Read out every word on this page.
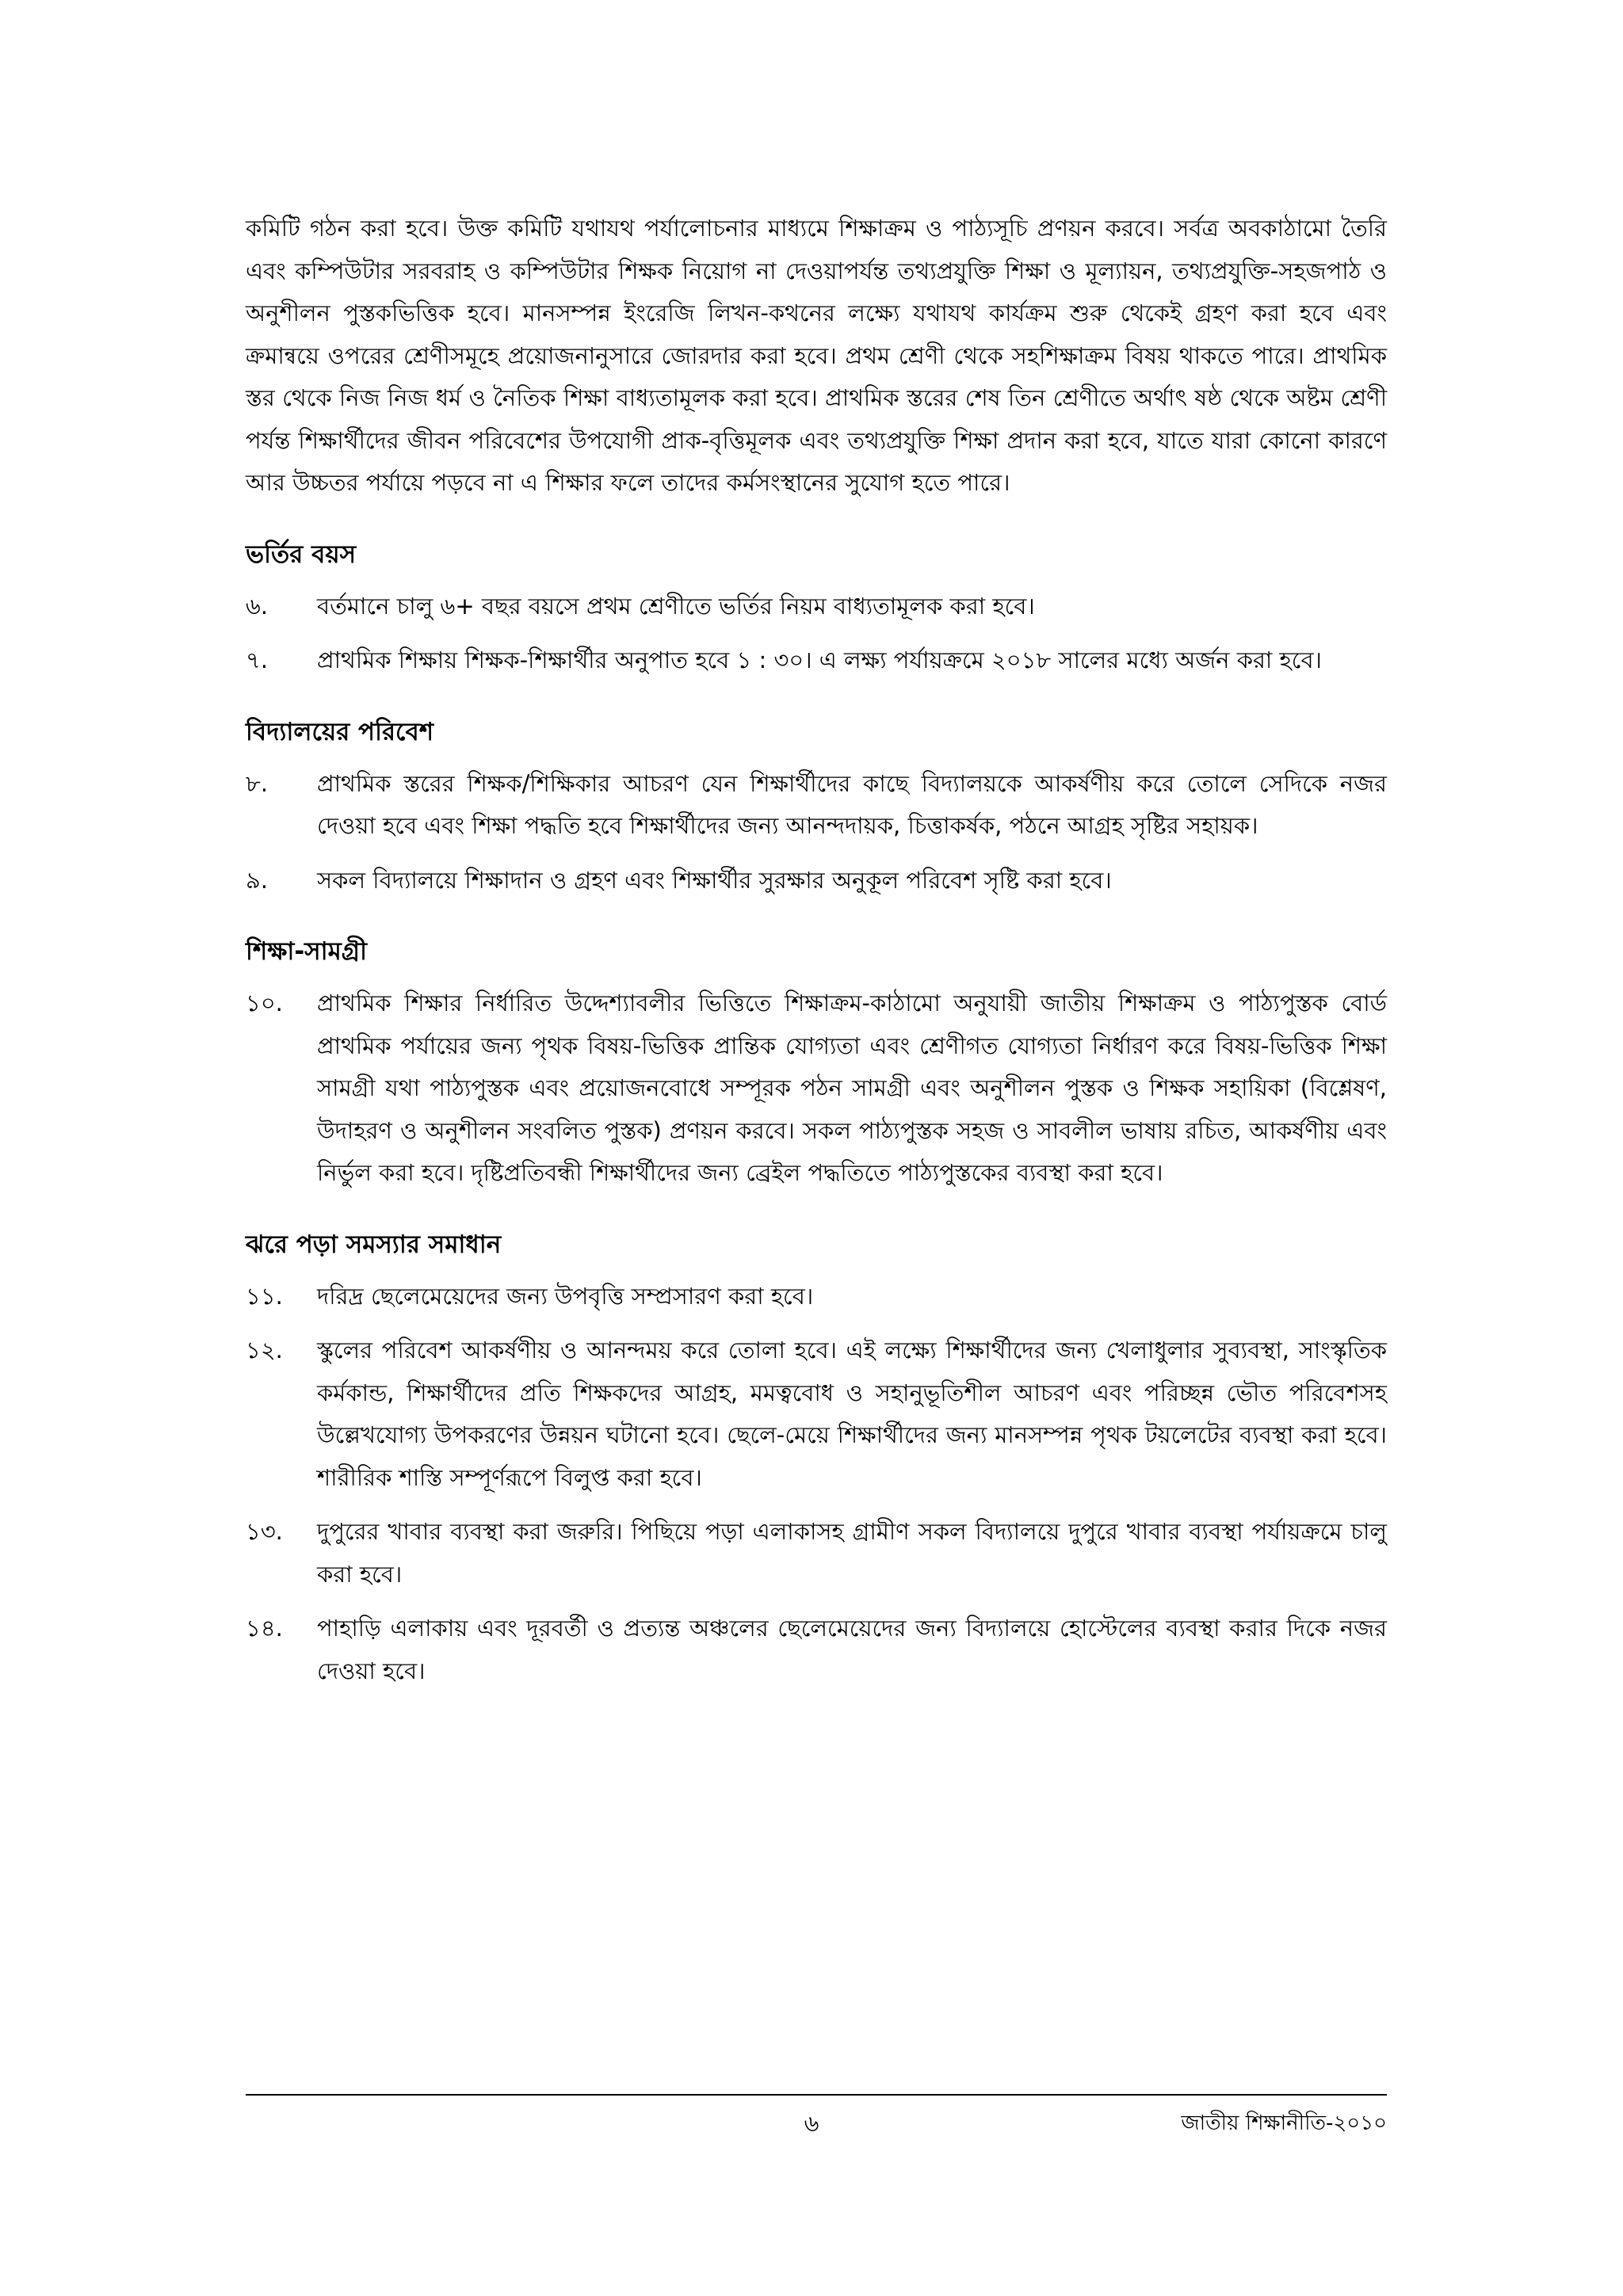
কমিটি গঠন করা হবে। উক্ত কমিটি যথাযথ পর্যালোচনার মাধ্যমে শিক্ষাক্রম ও পাঠ্যসূচি প্রণয়ন করবে। সর্বত্র অবকাঠামো তৈরি এবং কম্পিউটার সরবরাহ ও কম্পিউটার শিক্ষক নিয়োগ না দেওয়াপর্যন্ত তথ্যপ্রযুক্তি শিক্ষা ও মূল্যায়ন, তথ্যপ্রযুক্তি-সহজপাঠ ও অনুশীলন পুস্তকভিত্তিক হবে। মানসম্পন্ন ইংরেজি লিখন-কথনের লক্ষ্যে যথাযথ কার্যক্রম শুরু থেকেই গ্রহণ করা হবে এবং ক্রমান্বয়ে ওপরের শ্রেণীসমূহে প্রয়োজনানুসারে জোরদার করা হবে। প্রথম শ্রেণী থেকে সহশিক্ষাক্রম বিষয় থাকতে পারে। প্রাথমিক স্তর থেকে নিজ নিজ ধর্ম ও নৈতিক শিক্ষা বাধ্যতামূলক করা হবে। প্রাথমিক স্তরের শেষ তিন শ্রেণীতে অর্থাৎ ষষ্ঠ থেকে অষ্টম শ্রেণী পর্যন্ত শিক্ষার্থীদের জীবন পরিবেশের উপযোগী প্রাক-বৃত্তিমূলক এবং তথ্যপ্রযুক্তি শিক্ষা প্রদান করা হবে, যাতে যারা কোনো কারণে আর উচ্চতর পর্যায়ে পড়বে না এ শিক্ষার ফলে তাদের কর্মসংস্থানের সুযোগ হতে পারে।

ভর্তির বয়স
৬.	বর্তমানে চালু ৬+ বছর বয়সে প্রথম শ্রেণীতে ভর্তির নিয়ম বাধ্যতামূলক করা হবে।
৭.	প্রাথমিক শিক্ষায় শিক্ষক-শিক্ষার্থীর অনুপাত হবে ১ : ৩০। এ লক্ষ্য পর্যায়ক্রমে ২০১৮ সালের মধ্যে অর্জন করা হবে।
বিদ্যালয়ের পরিবেশ
৮.	প্রাথমিক স্তরের শিক্ষক/শিক্ষিকার আচরণ যেন শিক্ষার্থীদের কাছে বিদ্যালয়কে আকর্ষণীয় করে তোলে সেদিকে নজর দেওয়া হবে এবং শিক্ষা পদ্ধতি হবে শিক্ষার্থীদের জন্য আনন্দদায়ক, চিত্তাকর্ষক, পঠনে আগ্রহ সৃষ্টির সহায়ক।
৯.	সকল বিদ্যালয়ে শিক্ষাদান ও গ্রহণ এবং শিক্ষার্থীর সুরক্ষার অনুকূল পরিবেশ সৃষ্টি করা হবে।
শিক্ষা-সামগ্রী
১০.	প্রাথমিক শিক্ষার নির্ধারিত উদ্দেশ্যাবলীর ভিত্তিতে শিক্ষাক্রম-কাঠামো অনুযায়ী জাতীয় শিক্ষাক্রম ও পাঠ্যপুস্তক বোর্ড প্রাথমিক পর্যায়ের জন্য পৃথক বিষয়-ভিত্তিক প্রান্তিক যোগ্যতা এবং শ্রেণীগত যোগ্যতা নির্ধারণ করে বিষয়-ভিত্তিক শিক্ষা সামগ্রী যথা পাঠ্যপুস্তক এবং প্রয়োজনবোধে সম্পূরক পঠন সামগ্রী এবং অনুশীলন পুস্তক ও শিক্ষক সহায়িকা (বিশ্লেষণ, উদাহরণ ও অনুশীলন সংবলিত পুস্তক) প্রণয়ন করবে। সকল পাঠ্যপুস্তক সহজ ও সাবলীল ভাষায় রচিত, আকর্ষণীয় এবং নির্ভুল করা হবে। দৃষ্টিপ্রতিবন্ধী শিক্ষার্থীদের জন্য ব্রেইল পদ্ধতিতে পাঠ্যপুস্তকের ব্যবস্থা করা হবে।
ঝরে পড়া সমস্যার সমাধান
১১.	দরিদ্র ছেলেমেয়েদের জন্য উপবৃত্তি সম্প্রসারণ করা হবে।
১২.	স্কুলের পরিবেশ আকর্ষণীয় ও আনন্দময় করে তোলা হবে। এই লক্ষ্যে শিক্ষার্থীদের জন্য খেলাধুলার সুব্যবস্থা, সাংস্কৃতিক কর্মকান্ড, শিক্ষার্থীদের প্রতি শিক্ষকদের আগ্রহ, মমত্ববোধ ও সহানুভূতিশীল আচরণ এবং পরিচ্ছন্ন ভৌত পরিবেশসহ উল্লেখযোগ্য উপকরণের উন্নয়ন ঘটানো হবে। ছেলে-মেয়ে শিক্ষার্থীদের জন্য মানসম্পন্ন পৃথক টয়লেটের ব্যবস্থা করা হবে। শারীরিক শাস্তি সম্পূর্ণরূপে বিলুপ্ত করা হবে।
১৩.	দুপুরের খাবার ব্যবস্থা করা জরুরি। পিছিয়ে পড়া এলাকাসহ গ্রামীণ সকল বিদ্যালয়ে দুপুরে খাবার ব্যবস্থা পর্যায়ক্রমে চালু করা হবে।
১৪.	পাহাড়ি এলাকায় এবং দূরবর্তী ও প্রত্যন্ত অঞ্চলের ছেলেমেয়েদের জন্য বিদ্যালয়ে হোস্টেলের ব্যবস্থা করার দিকে নজর দেওয়া হবে।
৬	জাতীয় শিক্ষানীতি-২০১০
